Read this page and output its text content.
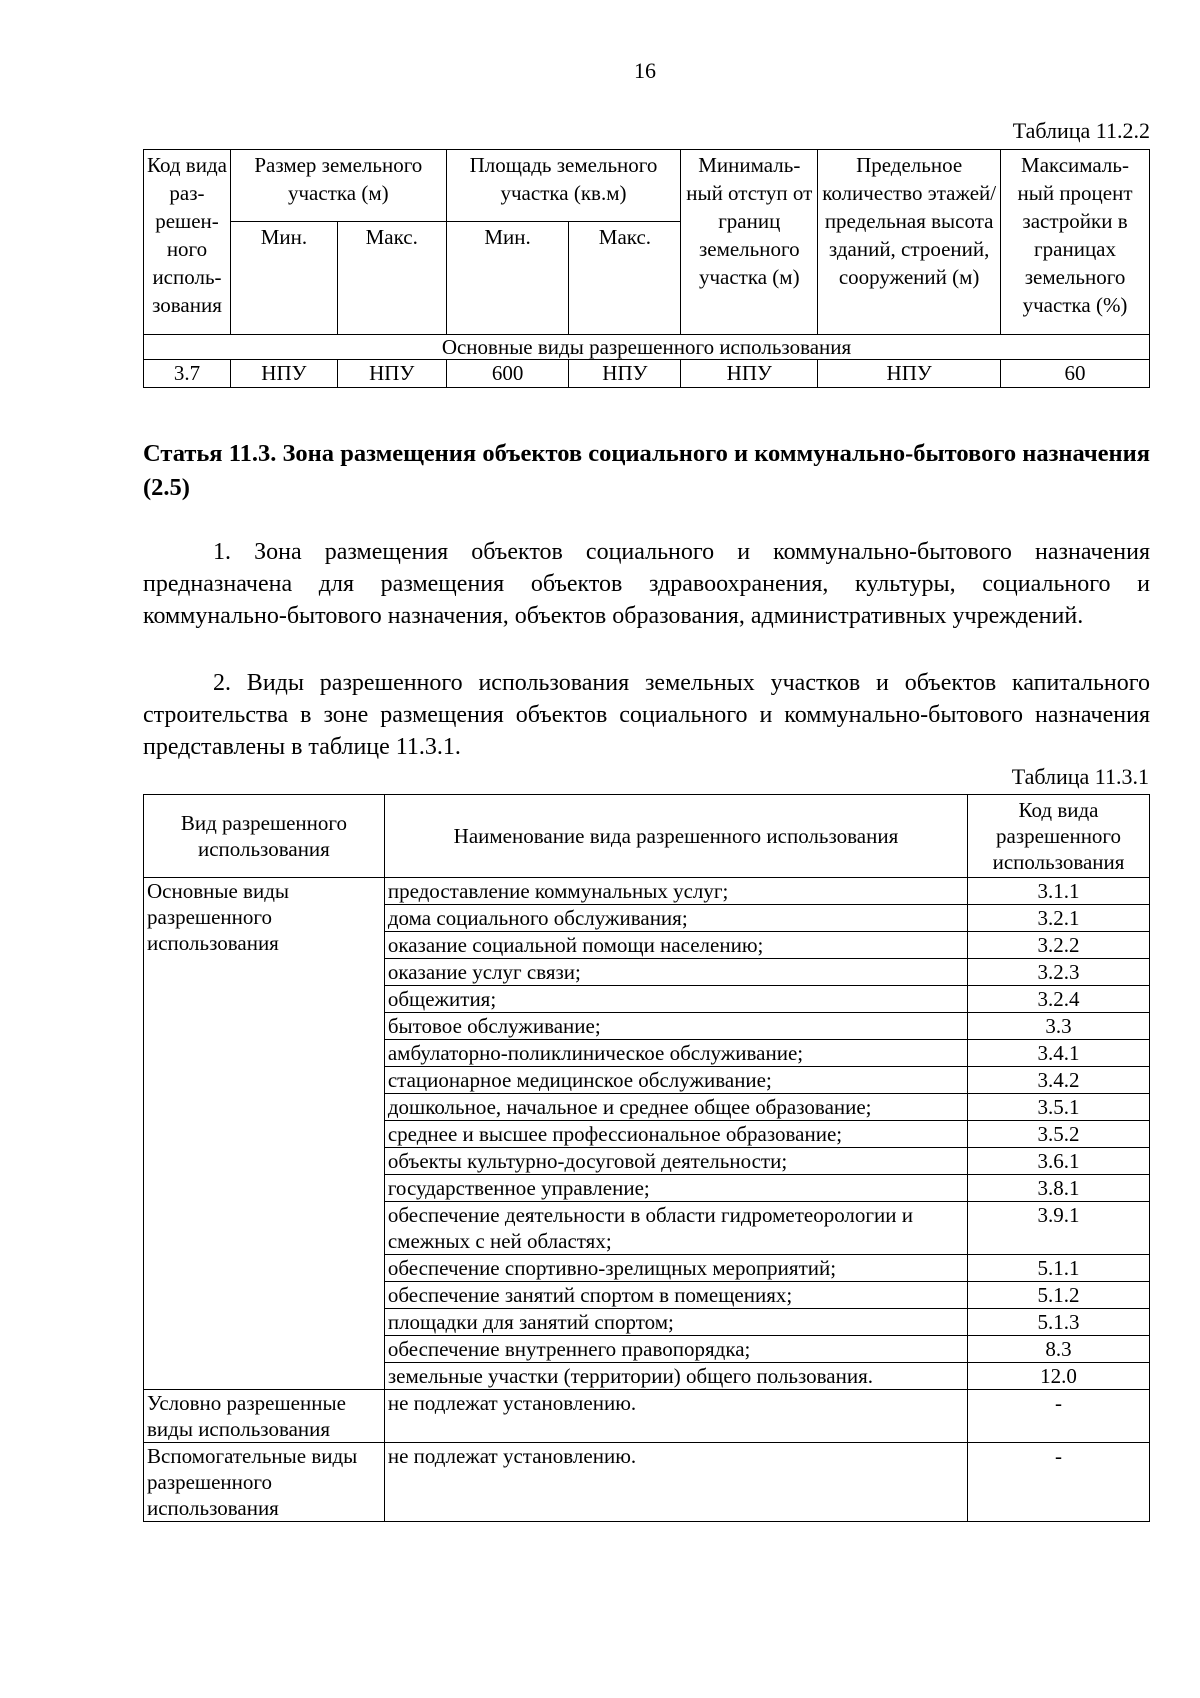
16
Таблица 11.2.2
Код вида раз-решен-ного исполь-зования	Размер земельного участка (м)		Площадь земельного участка (кв.м)		Минималь-ный отступ от границ земельного участка (м)	Предельное количество этажей/ предельная высота зданий, строений, сооружений (м)	Максималь-ный процент застройки в границах земельного участка (%)
	Мин.	Макс.	Мин.	Макс.			
Основные виды разрешенного использования							
3.7	НПУ	НПУ	600	НПУ	НПУ	НПУ	60
Статья 11.3. Зона размещения объектов социального и коммунально-бытового назначения (2.5)
1. Зона размещения объектов социального и коммунально-бытового назначения предназначена для размещения объектов здравоохранения, культуры, социального и коммунально-бытового назначения, объектов образования, административных учреждений.
2. Виды разрешенного использования земельных участков и объектов капитального строительства в зоне размещения объектов социального и коммунально-бытового назначения представлены в таблице 11.3.1.
Таблица 11.3.1
Вид разрешенного использования	Наименование вида разрешенного использования	Код вида разрешенного использования
Основные виды разрешенного использования	предоставление коммунальных услуг;	3.1.1
	дома социального обслуживания;	3.2.1
	оказание социальной помощи населению;	3.2.2
	оказание услуг связи;	3.2.3
	общежития;	3.2.4
	бытовое обслуживание;	3.3
	амбулаторно-поликлиническое обслуживание;	3.4.1
	стационарное медицинское обслуживание;	3.4.2
	дошкольное, начальное и среднее общее образование;	3.5.1
	среднее и высшее профессиональное образование;	3.5.2
	объекты культурно-досуговой деятельности;	3.6.1
	государственное управление;	3.8.1
	обеспечение деятельности в области гидрометеорологии и смежных с ней областях;	3.9.1
	обеспечение спортивно-зрелищных мероприятий;	5.1.1
	обеспечение занятий спортом в помещениях;	5.1.2
	площадки для занятий спортом;	5.1.3
	обеспечение внутреннего правопорядка;	8.3
	земельные участки (территории) общего пользования.	12.0
Условно разрешенные виды использования	не подлежат установлению.	-
Вспомогательные виды разрешенного использования	не подлежат установлению.	-
